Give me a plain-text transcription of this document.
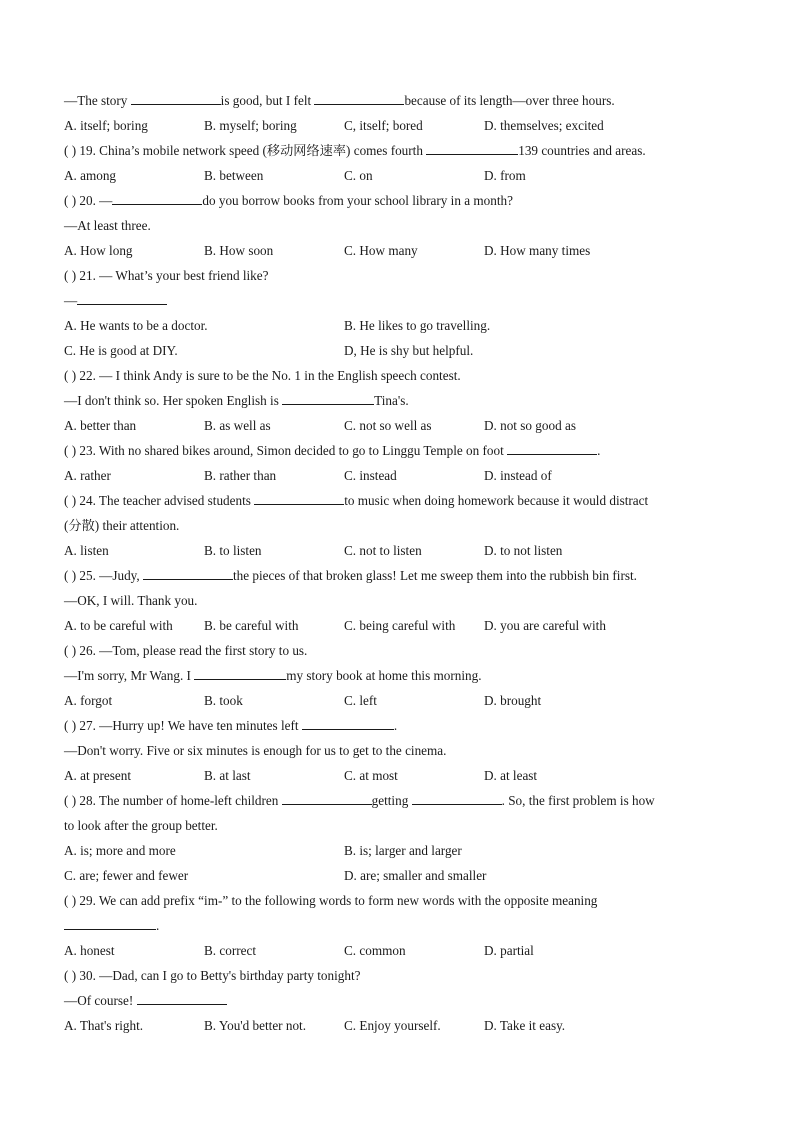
—The story	is good, but I felt	because of its length—over three hours.
A. itself; boring	B. myself; boring	C, itself; bored	D. themselves; excited
( ) 19. China’s mobile network speed (移动网络速率) comes fourth	139 countries and areas.
A. among	B. between	C. on	D. from
( ) 20. —	do you borrow books from your school library in a month?
—At least three.
A. How long	B. How soon	C. How many	D. How many times
( ) 21. — What’s your best friend like?
—
A. He wants to be a doctor.	B. He likes to go travelling.
C. He is good at DIY.	D, He is shy but helpful.
( ) 22. — I think Andy is sure to be the No. 1 in the English speech contest.
—I don't think so. Her spoken English is	Tina's.
A. better than	B. as well as	C. not so well as	D. not so good as
( ) 23. With no shared bikes around, Simon decided to go to Linggu Temple on foot	.
A. rather	B. rather than	C. instead	D. instead of
( ) 24. The teacher advised students	to music when doing homework because it would distract
(分散) their attention.
A. listen	B. to listen	C. not to listen	D. to not listen
( ) 25. —Judy,	the pieces of that broken glass! Let me sweep them into the rubbish bin first.
—OK, I will. Thank you.
A. to be careful with B. be careful with	C. being careful with D. you are careful with
( ) 26. —Tom, please read the first story to us.
—I'm sorry, Mr Wang. I	my story book at home this morning.
A. forgot	B. took	C. left	D. brought
( ) 27. —Hurry up! We have ten minutes left	.
—Don't worry. Five or six minutes is enough for us to get to the cinema.
A. at present	B. at last	C. at most	D. at least
( ) 28. The number of home-left children	getting	. So, the first problem is how
to look after the group better.
A. is; more and more	B. is; larger and larger
C. are; fewer and fewer	D. are; smaller and smaller
( ) 29. We can add prefix “im-” to the following words to form new words with the opposite meaning
.
A. honest	B. correct	C. common	D. partial
( ) 30. —Dad, can I go to Betty's birthday party tonight?
—Of course!
A. That's right.	B. You'd better not.	C. Enjoy yourself.	D. Take it easy.
